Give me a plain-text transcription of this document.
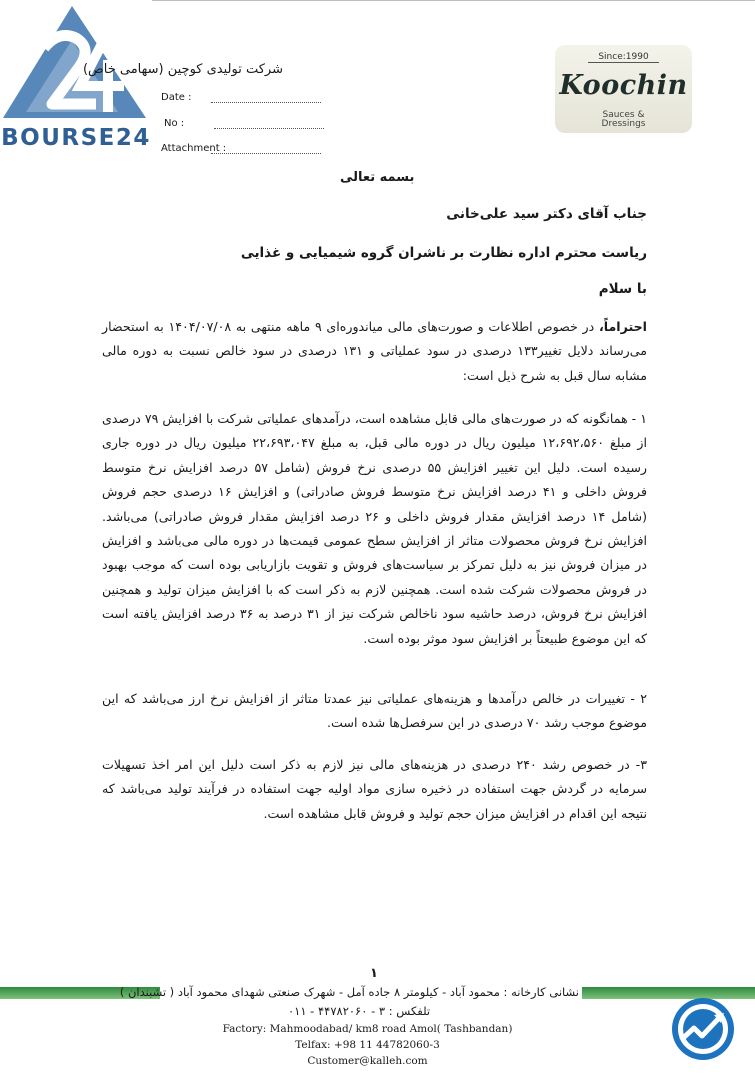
BOURSE24
شرکت تولیدی کوچین (سهامی خاص)
Date :
No :
Attachment :
Since:1990
Koochin
Sauces &
Dressings
بسمه تعالی
جناب آقای دکتر سید علی‌خانی
ریاست محترم اداره نظارت بر ناشران گروه شیمیایی و غذایی
با سلام
احتراماً، در خصوص اطلاعات و صورت‌های مالی میاندوره‌ای ۹ ماهه منتهی به ۱۴۰۴/۰۷/۰۸ به استحضار می‌رساند دلایل تغییر۱۳۳ درصدی در سود عملیاتی و ۱۳۱ درصدی در سود خالص نسبت به دوره مالی مشابه سال قبل به شرح ذیل است:
۱ - همانگونه که در صورت‌های مالی قابل مشاهده است، درآمدهای عملیاتی شرکت با افزایش ۷۹ درصدی از مبلغ ۱۲،۶۹۲،۵۶۰ میلیون ریال در دوره مالی قبل، به مبلغ ۲۲،۶۹۳،۰۴۷ میلیون ریال در دوره جاری رسیده است. دلیل این تغییر افزایش ۵۵ درصدی نرخ فروش (شامل ۵۷ درصد افزایش نرخ متوسط فروش داخلی و ۴۱ درصد افزایش نرخ متوسط فروش صادراتی) و افزایش ۱۶ درصدی حجم فروش (شامل ۱۴ درصد افزایش مقدار فروش داخلی و ۲۶ درصد افزایش مقدار فروش صادراتی) می‌باشد. افزایش نرخ فروش محصولات متاثر از افزایش سطح عمومی قیمت‌ها در دوره مالی می‌باشد و افزایش در میزان فروش نیز به دلیل تمرکز بر سیاست‌های فروش و تقویت بازاریابی بوده است که موجب بهبود در فروش محصولات شرکت شده است. همچنین لازم به ذکر است که با افزایش میزان تولید و همچنین افزایش نرخ فروش، درصد حاشیه سود ناخالص شرکت نیز از ۳۱ درصد به ۳۶ درصد افزایش یافته است که این موضوع طبیعتاً بر افزایش سود موثر بوده است.
۲ - تغییرات در خالص درآمدها و هزینه‌های عملیاتی نیز عمدتا متاثر از افزایش نرخ ارز می‌باشد که این موضوع موجب رشد ۷۰ درصدی در این سرفصل‌ها شده است.
۳- در خصوص رشد ۲۴۰ درصدی در هزینه‌های مالی نیز لازم به ذکر است دلیل این امر اخذ تسهیلات سرمایه در گردش جهت استفاده در ذخیره سازی مواد اولیه جهت استفاده در فرآیند تولید می‌باشد که نتیجه این اقدام در افزایش میزان حجم تولید و فروش قابل مشاهده است.
۱
نشانی کارخانه : محمود آباد - کیلومتر ۸ جاده آمل - شهرک صنعتی شهدای محمود آباد ( تشبندان )
تلفکس : ۳ - ۴۴۷۸۲۰۶۰ - ۰۱۱
Factory: Mahmoodabad/ km8 road Amol( Tashbandan)
Telfax: +98 11 44782060-3
Customer@kalleh.com
